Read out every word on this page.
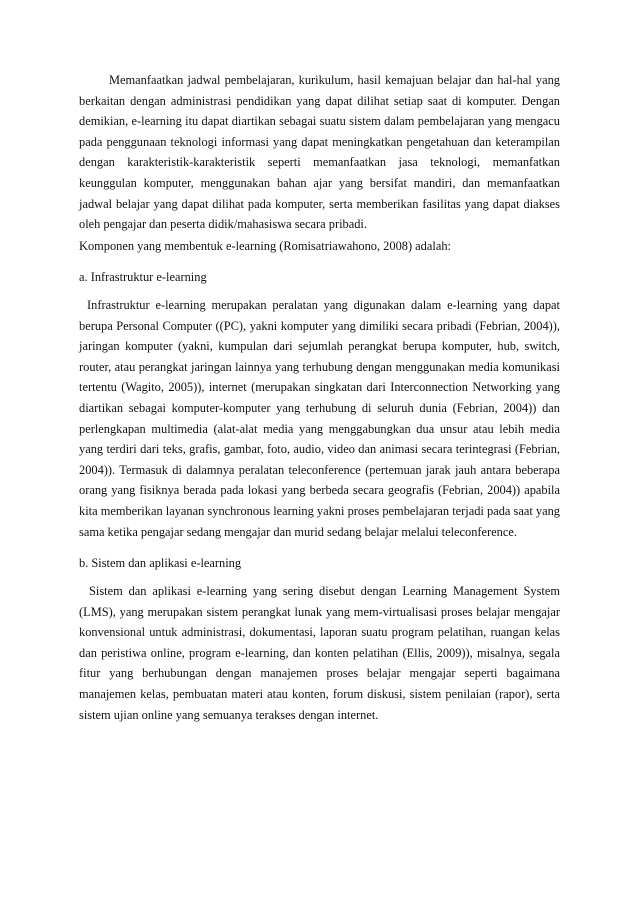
Memanfaatkan jadwal pembelajaran, kurikulum, hasil kemajuan belajar dan hal-hal yang berkaitan dengan administrasi pendidikan yang dapat dilihat setiap saat di komputer. Dengan demikian, e-learning itu dapat diartikan sebagai suatu sistem dalam pembelajaran yang mengacu pada penggunaan teknologi informasi yang dapat meningkatkan pengetahuan dan keterampilan dengan karakteristik-karakteristik seperti memanfaatkan jasa teknologi, memanfatkan keunggulan komputer, menggunakan bahan ajar yang bersifat mandiri, dan memanfaatkan jadwal belajar yang dapat dilihat pada komputer, serta memberikan fasilitas yang dapat diakses oleh pengajar dan peserta didik/mahasiswa secara pribadi.

Komponen yang membentuk e-learning (Romisatriawahono, 2008) adalah:

a. Infrastruktur e-learning

Infrastruktur e-learning merupakan peralatan yang digunakan dalam e-learning yang dapat berupa Personal Computer ((PC), yakni komputer yang dimiliki secara pribadi (Febrian, 2004)), jaringan komputer (yakni, kumpulan dari sejumlah perangkat berupa komputer, hub, switch, router, atau perangkat jaringan lainnya yang terhubung dengan menggunakan media komunikasi tertentu (Wagito, 2005)), internet (merupakan singkatan dari Interconnection Networking yang diartikan sebagai komputer-komputer yang terhubung di seluruh dunia (Febrian, 2004)) dan perlengkapan multimedia (alat-alat media yang menggabungkan dua unsur atau lebih media yang terdiri dari teks, grafis, gambar, foto, audio, video dan animasi secara terintegrasi (Febrian, 2004)). Termasuk di dalamnya peralatan teleconference (pertemuan jarak jauh antara beberapa orang yang fisiknya berada pada lokasi yang berbeda secara geografis (Febrian, 2004)) apabila kita memberikan layanan synchronous learning yakni proses pembelajaran terjadi pada saat yang sama ketika pengajar sedang mengajar dan murid sedang belajar melalui teleconference.

b. Sistem dan aplikasi e-learning

Sistem dan aplikasi e-learning yang sering disebut dengan Learning Management System (LMS), yang merupakan sistem perangkat lunak yang mem-virtualisasi proses belajar mengajar konvensional untuk administrasi, dokumentasi, laporan suatu program pelatihan, ruangan kelas dan peristiwa online, program e-learning, dan konten pelatihan (Ellis, 2009)), misalnya, segala fitur yang berhubungan dengan manajemen proses belajar mengajar seperti bagaimana manajemen kelas, pembuatan materi atau konten, forum diskusi, sistem penilaian (rapor), serta sistem ujian online yang semuanya terakses dengan internet.
